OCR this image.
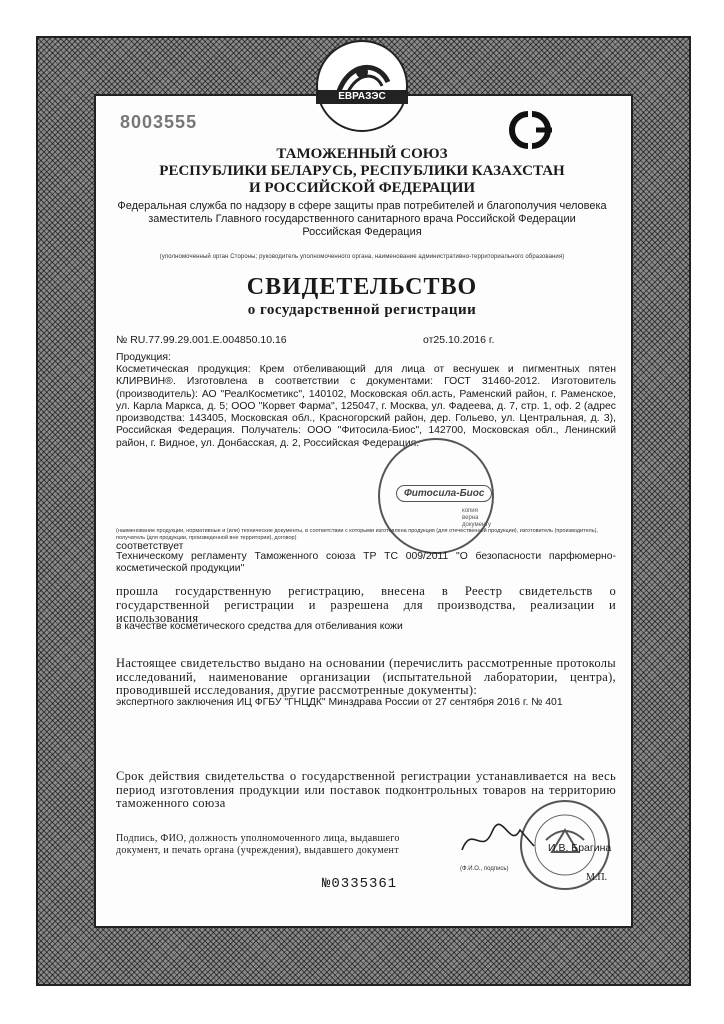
ЕВРАЗЭС
8003555
ТАМОЖЕННЫЙ СОЮЗ
РЕСПУБЛИКИ БЕЛАРУСЬ, РЕСПУБЛИКИ КАЗАХСТАН
И РОССИЙСКОЙ ФЕДЕРАЦИИ
Федеральная служба по надзору в сфере защиты прав потребителей и благополучия человека
заместитель Главного государственного санитарного врача Российской Федерации
Российская Федерация
(уполномоченный орган Стороны; руководитель уполномоченного органа, наименование административно-территориального образования)
СВИДЕТЕЛЬСТВО
о государственной регистрации
№ RU.77.99.29.001.Е.004850.10.16	от25.10.2016 г.
Продукция:
Косметическая продукция: Крем отбеливающий для лица от веснушек и пигментных пятен КЛИРВИН®. Изготовлена в соответствии с документами: ГОСТ 31460-2012. Изготовитель (производитель): АО "РеалКосметикс", 140102, Московская обл.асть, Раменский район, г. Раменское, ул. Карла Маркса, д. 5; ООО "Корвет Фарма", 125047, г. Москва, ул. Фадеева, д. 7, стр. 1, оф. 2 (адрес производства: 143405, Московская обл., Красногорский район, дер. Гольево, ул. Центральная, д. 3), Российская Федерация. Получатель: ООО "Фитосила-Биос", 142700, Московская обл., Ленинский район, г. Видное, ул. Донбасская, д. 2, Российская Федерация.
Фитосила-Биос
копия
верна
документу
(наименование продукции, нормативные и (или) технические документы, в соответствии с которыми изготовлена продукция (для отечественной продукции), изготовитель (производитель), получатель (для продукции, произведенной вне территории), договор)
соответствует
Техническому регламенту Таможенного союза ТР ТС 009/2011 "О безопасности парфюмерно-косметической продукции"
прошла государственную регистрацию, внесена в Реестр свидетельств о государственной регистрации и разрешена для производства, реализации и использования
в качестве косметического средства для отбеливания кожи
Настоящее свидетельство выдано на основании (перечислить рассмотренные протоколы исследований, наименование организации (испытательной лаборатории, центра), проводившей исследования, другие рассмотренные документы):
экспертного заключения ИЦ ФГБУ "ГНЦДК" Минздрава России от 27 сентября 2016 г. № 401
Срок действия свидетельства о государственной регистрации устанавливается на весь период изготовления продукции или поставок подконтрольных товаров на территорию таможенного союза
Подпись, ФИО, должность уполномоченного лица, выдавшего документ, и печать органа (учреждения), выдавшего документ	И.В. Брагина
(Ф.И.О., подпись)
М.П.
№0335361
